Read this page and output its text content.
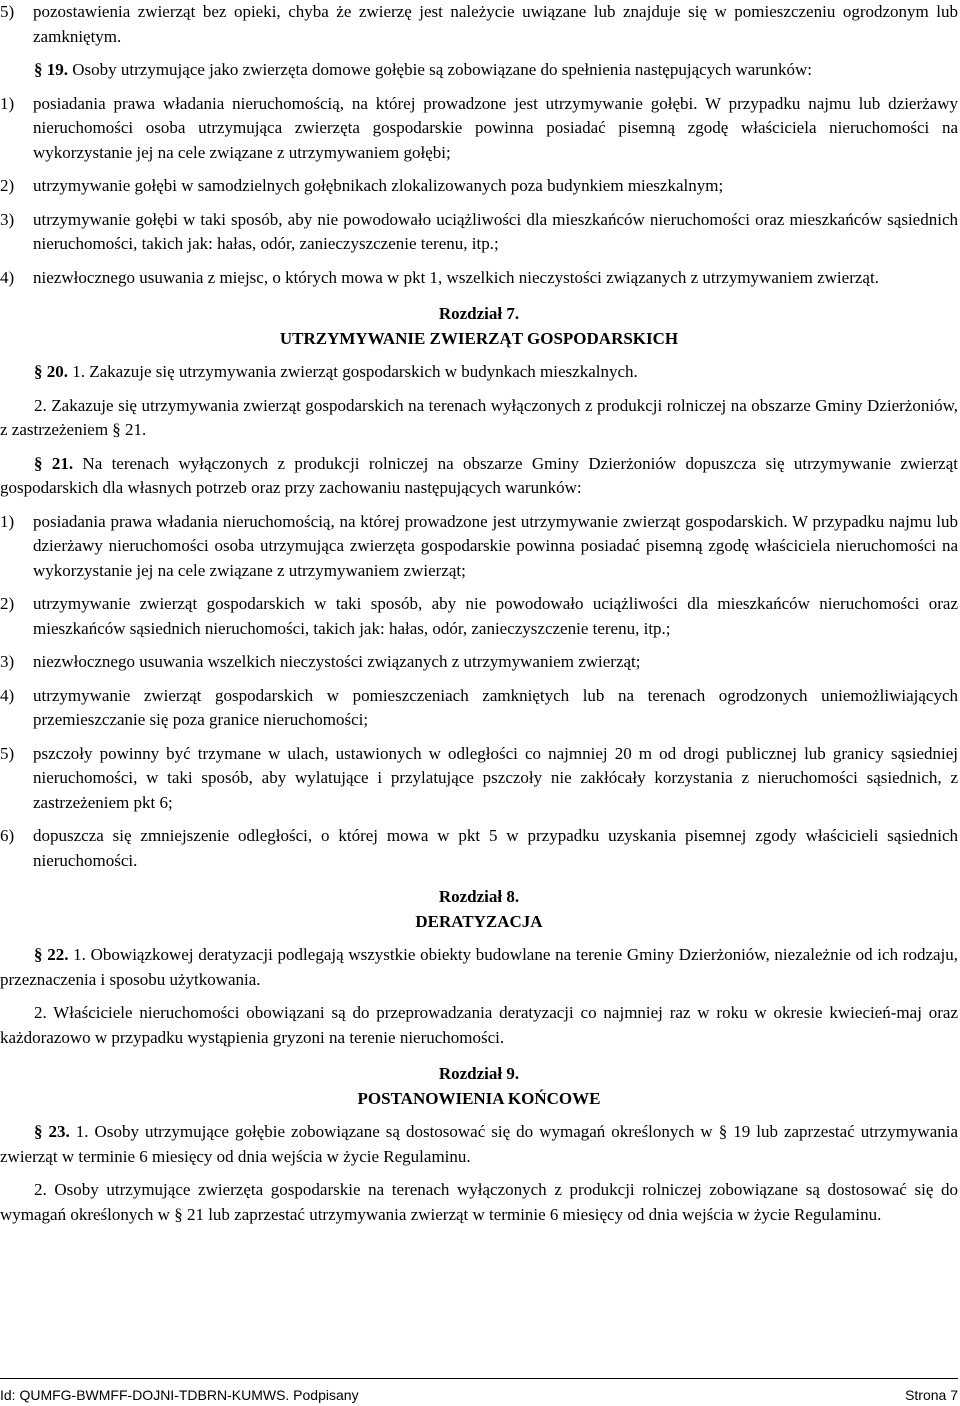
5)	pozostawienia zwierząt bez opieki, chyba że zwierzę jest należycie uwiązane lub znajduje się w pomieszczeniu ogrodzonym lub zamkniętym.

§ 19. Osoby utrzymujące jako zwierzęta domowe gołębie są zobowiązane do spełnienia następujących warunków:

1)	posiadania prawa władania nieruchomością, na której prowadzone jest utrzymywanie gołębi. W przypadku najmu lub dzierżawy nieruchomości osoba utrzymująca zwierzęta gospodarskie powinna posiadać pisemną zgodę właściciela nieruchomości na wykorzystanie jej na cele związane z utrzymywaniem gołębi;
2)	utrzymywanie gołębi w samodzielnych gołębnikach zlokalizowanych poza budynkiem mieszkalnym;
3)	utrzymywanie gołębi w taki sposób, aby nie powodowało uciążliwości dla mieszkańców nieruchomości oraz mieszkańców sąsiednich nieruchomości, takich jak: hałas, odór, zanieczyszczenie terenu, itp.;
4)	niezwłocznego usuwania z miejsc, o których mowa w pkt 1, wszelkich nieczystości związanych z utrzymywaniem zwierząt.

Rozdział 7.

UTRZYMYWANIE ZWIERZĄT GOSPODARSKICH

§ 20. 1. Zakazuje się utrzymywania zwierząt gospodarskich w budynkach mieszkalnych.

2. Zakazuje się utrzymywania zwierząt gospodarskich na terenach wyłączonych z produkcji rolniczej na obszarze Gminy Dzierżoniów, z zastrzeżeniem § 21.

§ 21. Na terenach wyłączonych z produkcji rolniczej na obszarze Gminy Dzierżoniów dopuszcza się utrzymywanie zwierząt gospodarskich dla własnych potrzeb oraz przy zachowaniu następujących warunków:

1)	posiadania prawa władania nieruchomością, na której prowadzone jest utrzymywanie zwierząt gospodarskich. W przypadku najmu lub dzierżawy nieruchomości osoba utrzymująca zwierzęta gospodarskie powinna posiadać pisemną zgodę właściciela nieruchomości na wykorzystanie jej na cele związane z utrzymywaniem zwierząt;
2)	utrzymywanie zwierząt gospodarskich w taki sposób, aby nie powodowało uciążliwości dla mieszkańców nieruchomości oraz mieszkańców sąsiednich nieruchomości, takich jak: hałas, odór, zanieczyszczenie terenu, itp.;
3)	niezwłocznego usuwania wszelkich nieczystości związanych z utrzymywaniem zwierząt;
4)	utrzymywanie zwierząt gospodarskich w pomieszczeniach zamkniętych lub na terenach ogrodzonych uniemożliwiających przemieszczanie się poza granice nieruchomości;
5)	pszczoły powinny być trzymane w ulach, ustawionych w odległości co najmniej 20 m od drogi publicznej lub granicy sąsiedniej nieruchomości, w taki sposób, aby wylatujące i przylatujące pszczoły nie zakłócały korzystania z nieruchomości sąsiednich, z zastrzeżeniem pkt 6;
6)	dopuszcza się zmniejszenie odległości, o której mowa w pkt 5 w przypadku uzyskania pisemnej zgody właścicieli sąsiednich nieruchomości.

Rozdział 8.

DERATYZACJA

§ 22. 1. Obowiązkowej deratyzacji podlegają wszystkie obiekty budowlane na terenie Gminy Dzierżoniów, niezależnie od ich rodzaju, przeznaczenia i sposobu użytkowania.

2. Właściciele nieruchomości obowiązani są do przeprowadzania deratyzacji co najmniej raz w roku w okresie kwiecień-maj oraz każdorazowo w przypadku wystąpienia gryzoni na terenie nieruchomości.

Rozdział 9.

POSTANOWIENIA KOŃCOWE

§ 23. 1. Osoby utrzymujące gołębie zobowiązane są dostosować się do wymagań określonych w § 19 lub zaprzestać utrzymywania zwierząt w terminie 6 miesięcy od dnia wejścia w życie Regulaminu.

2. Osoby utrzymujące zwierzęta gospodarskie na terenach wyłączonych z produkcji rolniczej zobowiązane są dostosować się do wymagań określonych w § 21 lub zaprzestać utrzymywania zwierząt w terminie 6 miesięcy od dnia wejścia w życie Regulaminu.

Id: QUMFG-BWMFF-DOJNI-TDBRN-KUMWS. Podpisany	Strona 7
